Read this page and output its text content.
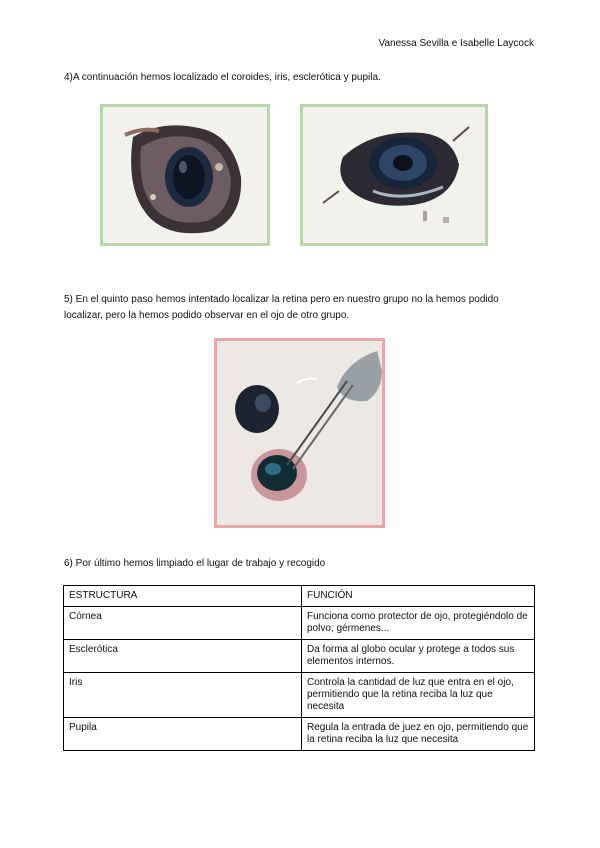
Vanessa Sevilla e Isabelle Laycock
4)A continuación hemos localizado el coroides, iris, esclerótica y pupila.
5) En el quinto paso hemos intentado localizar la retina pero en nuestro grupo no la hemos podido localizar, pero la hemos podido observar en el ojo de otro grupo.
6) Por último hemos limpiado el lugar de trabajo y recogido
ESTRUCTURA	FUNCIÓN
Córnea	Funciona como protector de ojo, protegiéndolo de polvo, gérmenes...
Esclerótica	Da forma al globo ocular y protege a todos sus elementos internos.
Iris	Controla la cantidad de luz que entra en el ojo, permitiendo que la retina reciba la luz que necesita
Pupila	Regula la entrada de juez en ojo, permitiendo que la retina reciba la luz que necesita
